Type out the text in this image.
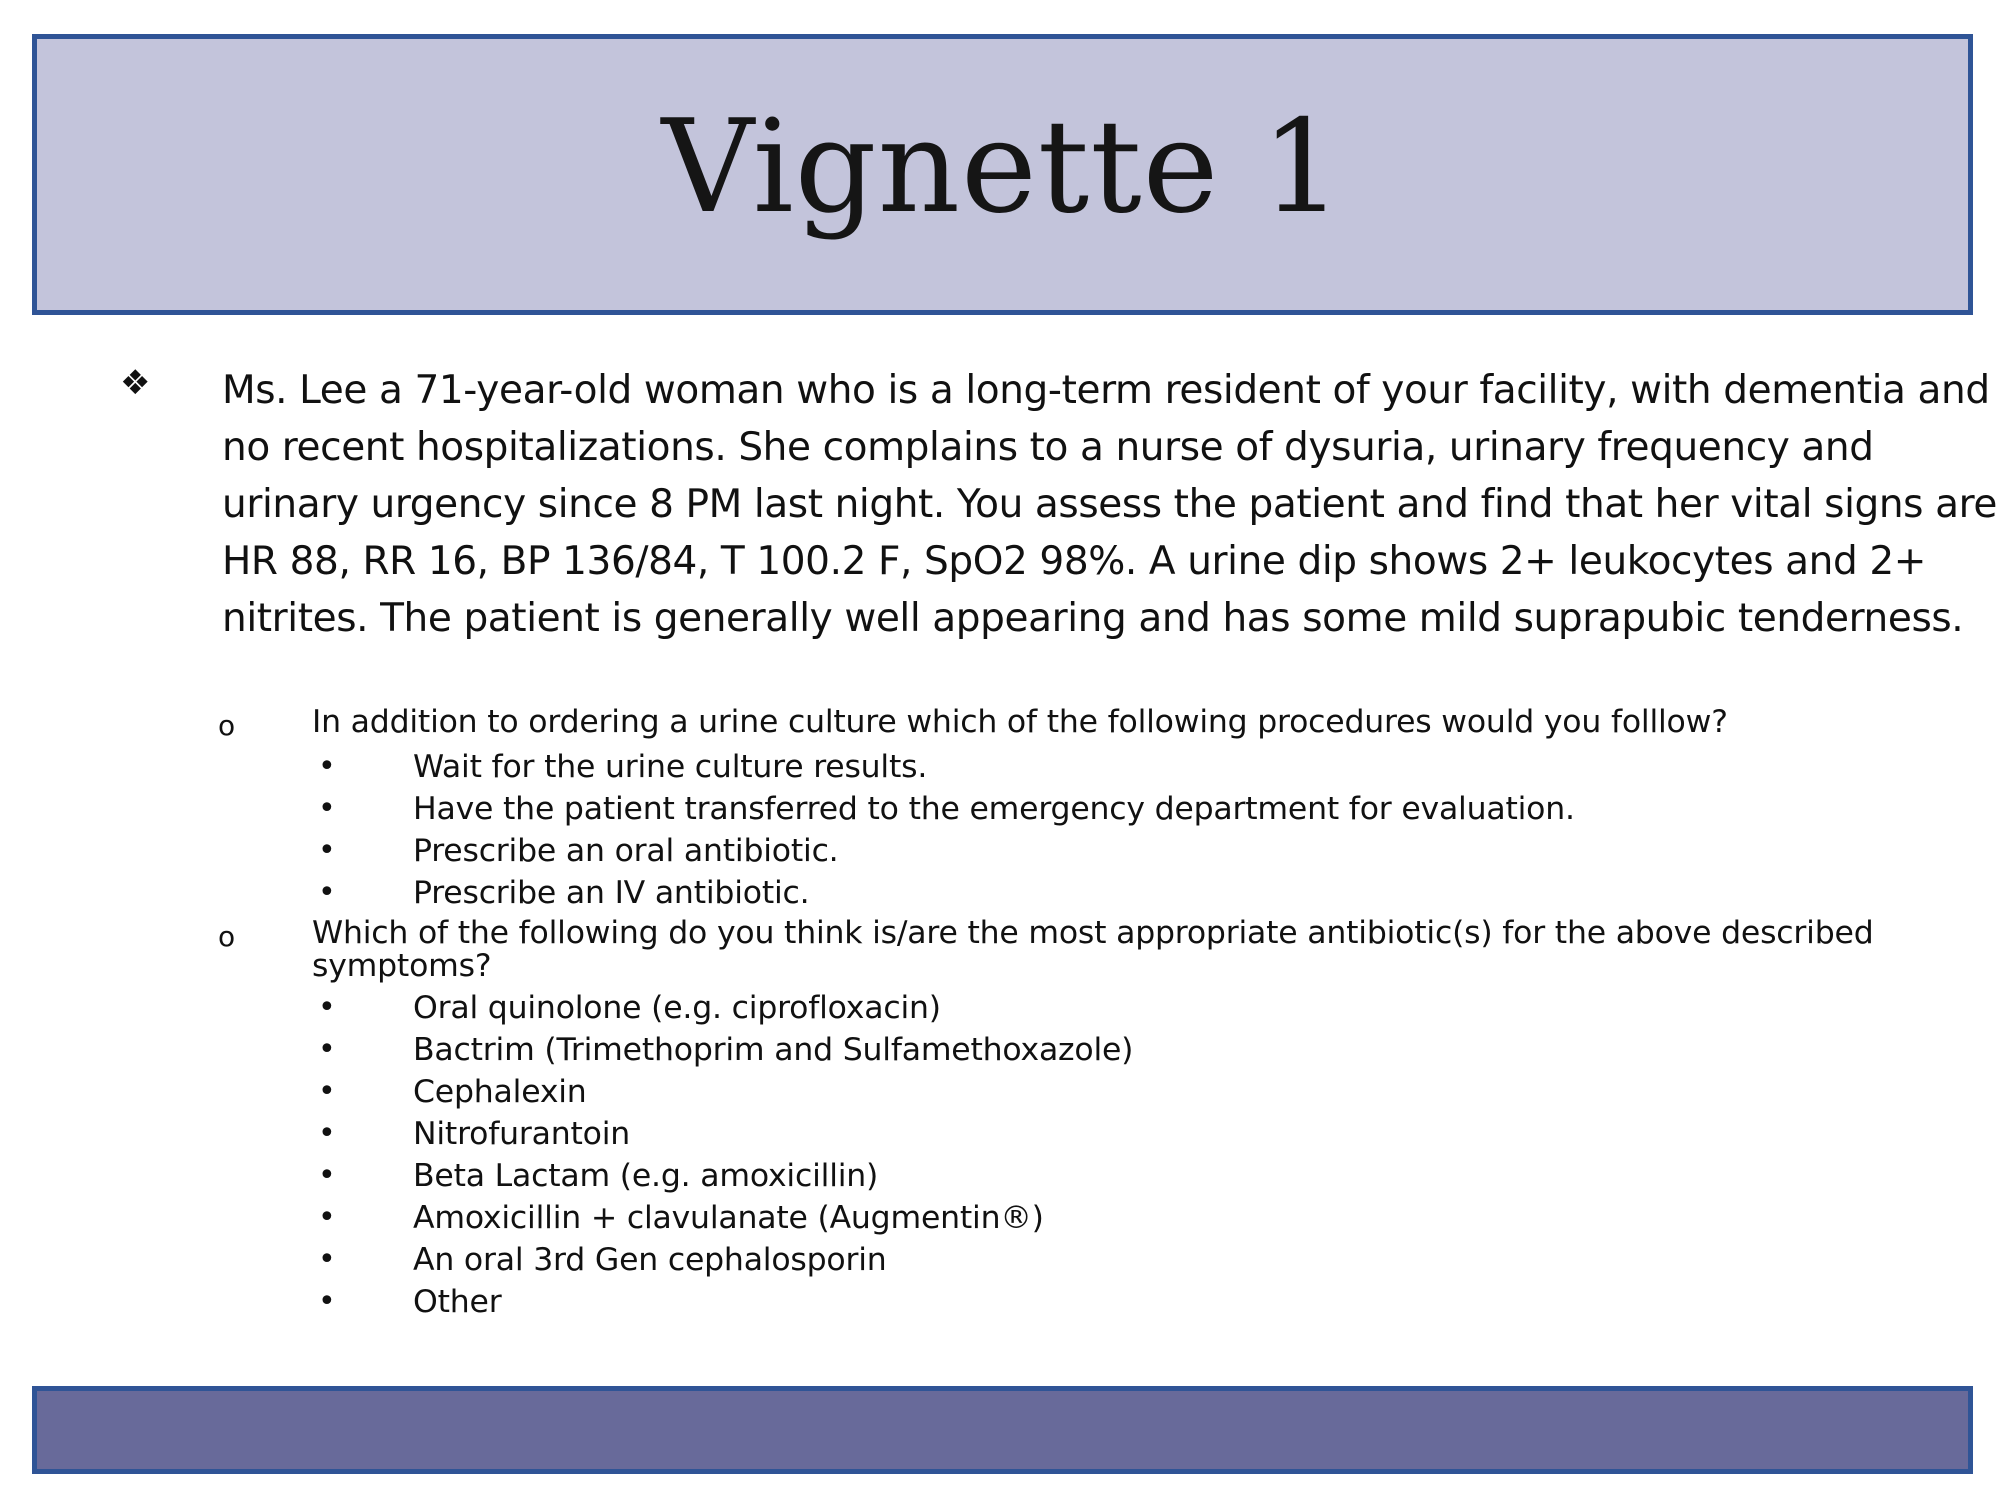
Vignette 1
❖ Ms. Lee a 71-year-old woman who is a long-term resident of your facility, with dementia and no recent hospitalizations. She complains to a nurse of dysuria, urinary frequency and urinary urgency since 8 PM last night. You assess the patient and find that her vital signs are HR 88, RR 16, BP 136/84, T 100.2 F, SpO2 98%. A urine dip shows 2+ leukocytes and 2+ nitrites. The patient is generally well appearing and has some mild suprapubic tenderness.
o In addition to ordering a urine culture which of the following procedures would you folllow?
• Wait for the urine culture results.
• Have the patient transferred to the emergency department for evaluation.
• Prescribe an oral antibiotic.
• Prescribe an IV antibiotic.
o Which of the following do you think is/are the most appropriate antibiotic(s) for the above described symptoms?
• Oral quinolone (e.g. ciprofloxacin)
• Bactrim (Trimethoprim and Sulfamethoxazole)
• Cephalexin
• Nitrofurantoin
• Beta Lactam (e.g. amoxicillin)
• Amoxicillin + clavulanate (Augmentin®)
• An oral 3rd Gen cephalosporin
• Other
